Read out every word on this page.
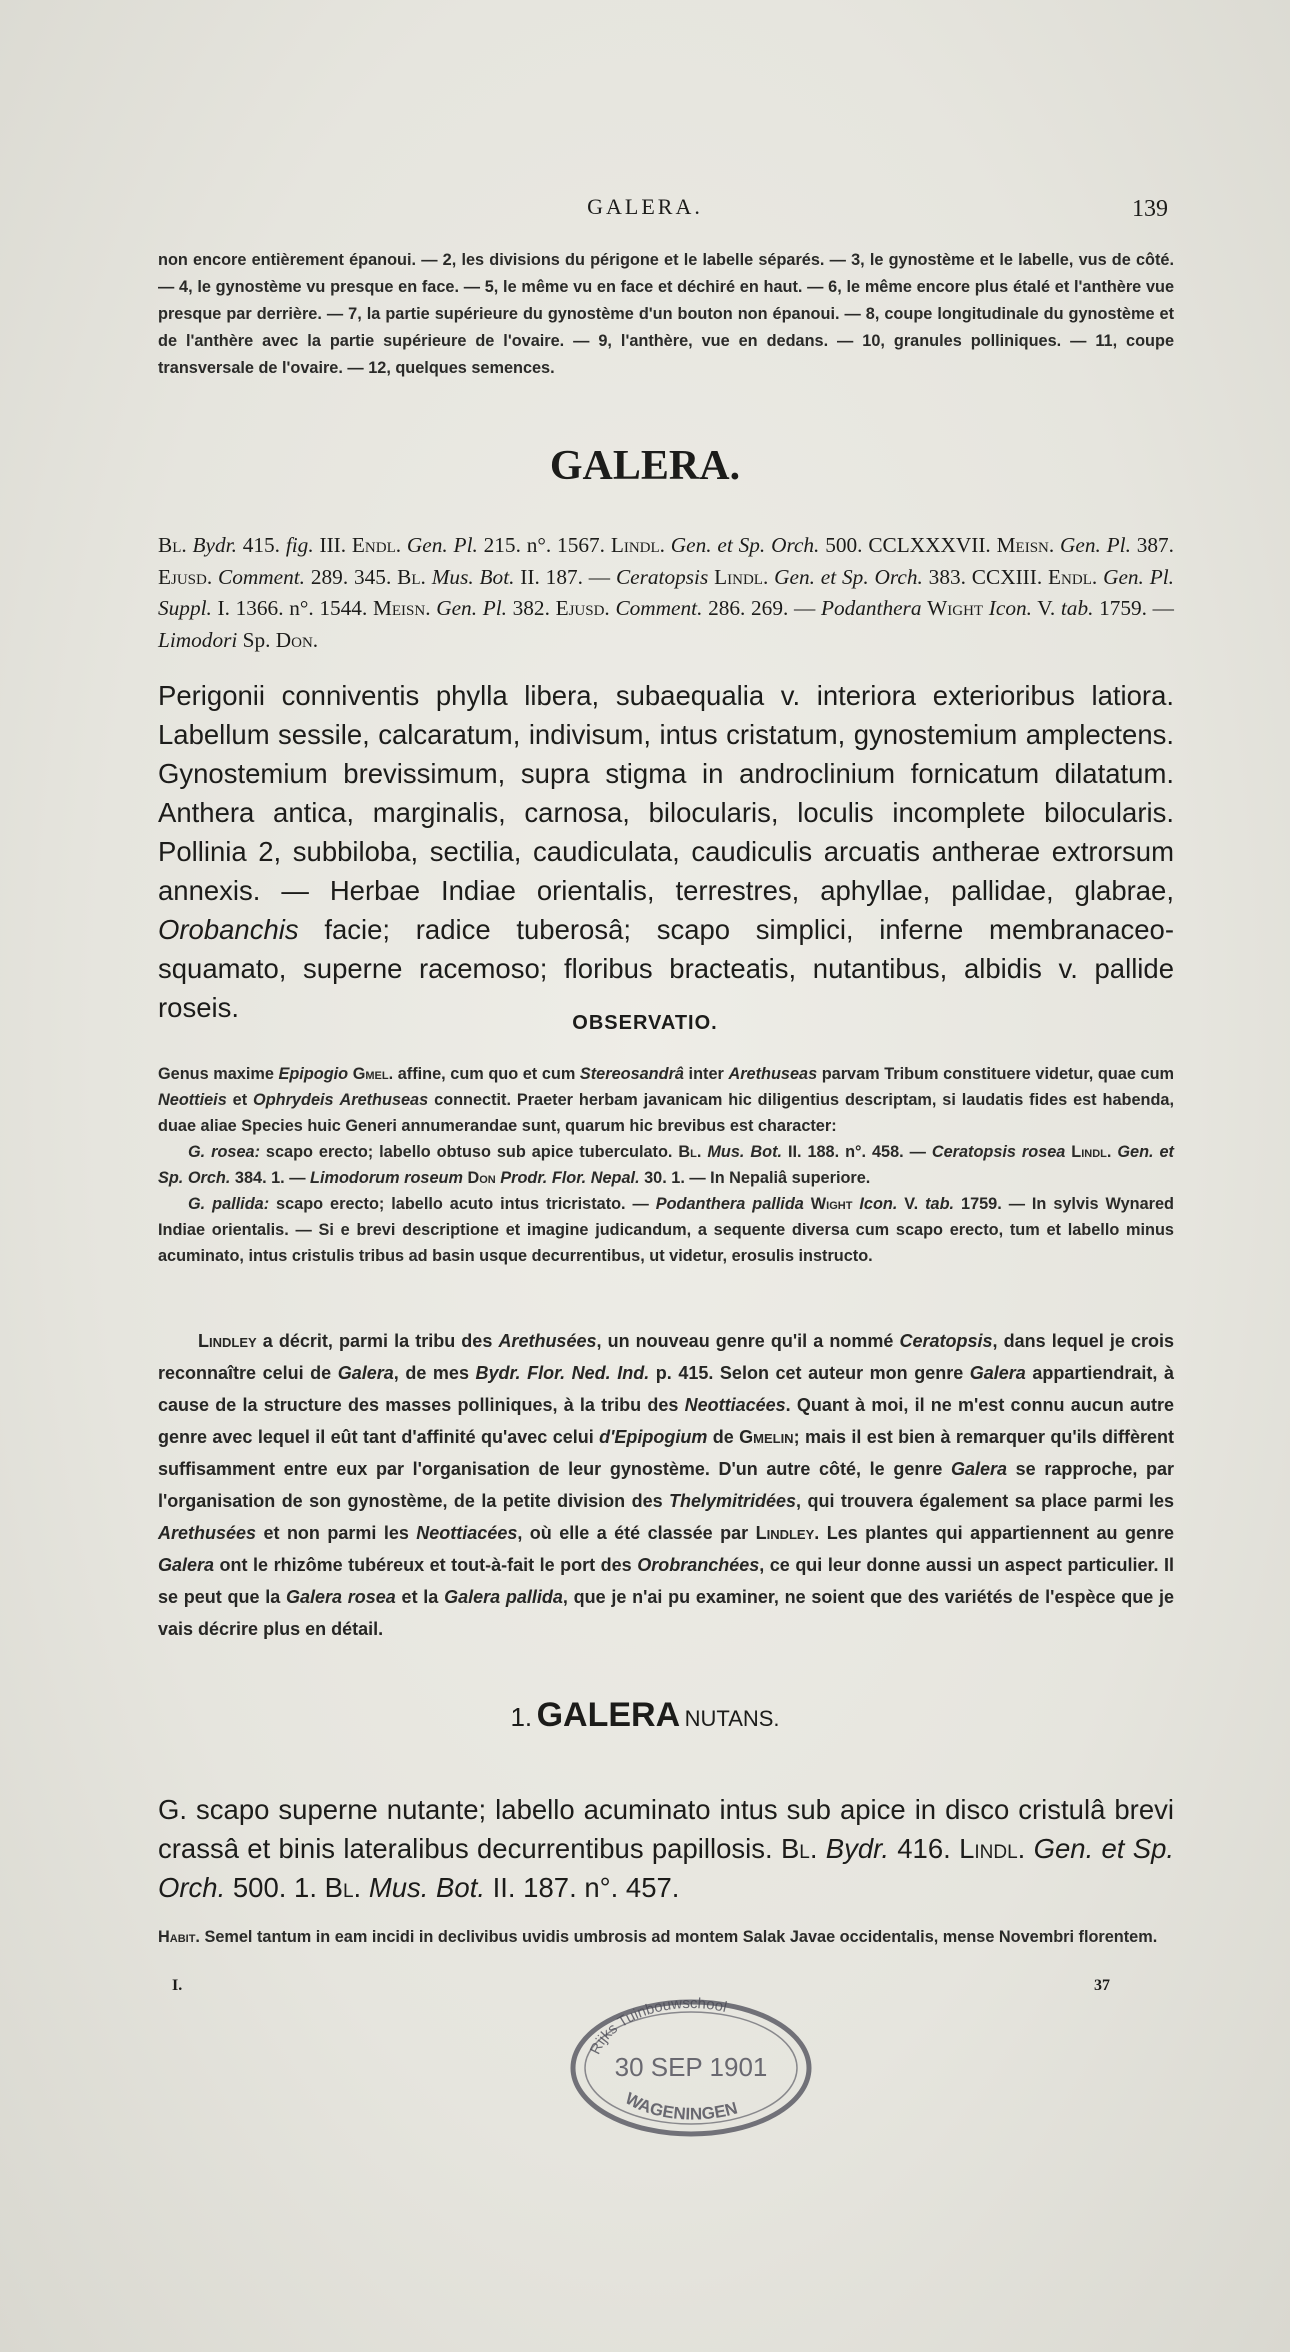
GALERA.	139
non encore entièrement épanoui. — 2, les divisions du périgone et le labelle séparés. — 3, le gynostème et le labelle, vus de côté. — 4, le gynostème vu presque en face. — 5, le même vu en face et déchiré en haut. — 6, le même encore plus étalé et l'anthère vue presque par derrière. — 7, la partie supérieure du gynostème d'un bouton non épanoui. — 8, coupe longitudinale du gynostème et de l'anthère avec la partie supérieure de l'ovaire. — 9, l'anthère, vue en dedans. — 10, granules polliniques. — 11, coupe transversale de l'ovaire. — 12, quelques semences.
GALERA.
Bl. Bydr. 415. fig. III. Endl. Gen. Pl. 215. n°. 1567. Lindl. Gen. et Sp. Orch. 500. CCLXXXVII. Meisn. Gen. Pl. 387. Ejusd. Comment. 289. 345. Bl. Mus. Bot. II. 187. — Ceratopsis Lindl. Gen. et Sp. Orch. 383. CCXIII. Endl. Gen. Pl. Suppl. I. 1366. n°. 1544. Meisn. Gen. Pl. 382. Ejusd. Comment. 286. 269. — Podanthera Wight Icon. V. tab. 1759. — Limodori Sp. Don.
Perigonii conniventis phylla libera, subaequalia v. interiora exterioribus latiora. Labellum sessile, calcaratum, indivisum, intus cristatum, gynostemium amplectens. Gynostemium brevissimum, supra stigma in androclinium fornicatum dilatatum. Anthera antica, marginalis, carnosa, bilocularis, loculis incomplete bilocularis. Pollinia 2, subbiloba, sectilia, caudiculata, caudiculis arcuatis antherae extrorsum annexis. — Herbae Indiae orientalis, terrestres, aphyllae, pallidae, glabrae, Orobanchis facie; radice tuberosâ; scapo simplici, inferne membranaceo-squamato, superne racemoso; floribus bracteatis, nutantibus, albidis v. pallide roseis.	OBSERVATIO.

Genus maxime Epipogio Gmel. affine, cum quo et cum Stereosandrâ inter Arethuseas parvam Tribum constituere videtur, quae cum Neottieis et Ophrydeis Arethuseas connectit. Praeter herbam javanicam hic diligentius descriptam, si laudatis fides est habenda, duae aliae Species huic Generi annumerandae sunt, quarum hic brevibus est character:

G. rosea: scapo erecto; labello obtuso sub apice tuberculato. Bl. Mus. Bot. II. 188. n°. 458. — Ceratopsis rosea Lindl. Gen. et Sp. Orch. 384. 1. — Limodorum roseum Don Prodr. Flor. Nepal. 30. 1. — In Nepaliâ superiore.

G. pallida: scapo erecto; labello acuto intus tricristato. — Podanthera pallida Wight Icon. V. tab. 1759. — In sylvis Wynared Indiae orientalis. — Si e brevi descriptione et imagine judicandum, a sequente diversa cum scapo erecto, tum et labello minus acuminato, intus cristulis tribus ad basin usque decurrentibus, ut videtur, erosulis instructo.

Lindley a décrit, parmi la tribu des Arethusées, un nouveau genre qu'il a nommé Ceratopsis, dans lequel je crois reconnaître celui de Galera, de mes Bydr. Flor. Ned. Ind. p. 415. Selon cet auteur mon genre Galera appartiendrait, à cause de la structure des masses polliniques, à la tribu des Neottiacées. Quant à moi, il ne m'est connu aucun autre genre avec lequel il eût tant d'affinité qu'avec celui d'Epipogium de Gmelin; mais il est bien à remarquer qu'ils diffèrent suffisamment entre eux par l'organisation de leur gynostème. D'un autre côté, le genre Galera se rapproche, par l'organisation de son gynostème, de la petite division des Thelymitridées, qui trouvera également sa place parmi les Arethusées et non parmi les Neottiacées, où elle a été classée par Lindley. Les plantes qui appartiennent au genre Galera ont le rhizôme tubéreux et tout-à-fait le port des Orobranchées, ce qui leur donne aussi un aspect particulier. Il se peut que la Galera rosea et la Galera pallida, que je n'ai pu examiner, ne soient que des variétés de l'espèce que je vais décrire plus en détail.

1. GALERA NUTANS.
G. scapo superne nutante; labello acuminato intus sub apice in disco cristulâ brevi crassâ et binis lateralibus decurrentibus papillosis. Bl. Bydr. 416. Lindl. Gen. et Sp. Orch. 500. 1. Bl. Mus. Bot. II. 187. n°. 457.
Habit. Semel tantum in eam incidi in declivibus uvidis umbrosis ad montem Salak Javae occidentalis, mense Novembri florentem.
I.	37
Rijks Tuinbouwschool
30 SEP 1901
WAGENINGEN
